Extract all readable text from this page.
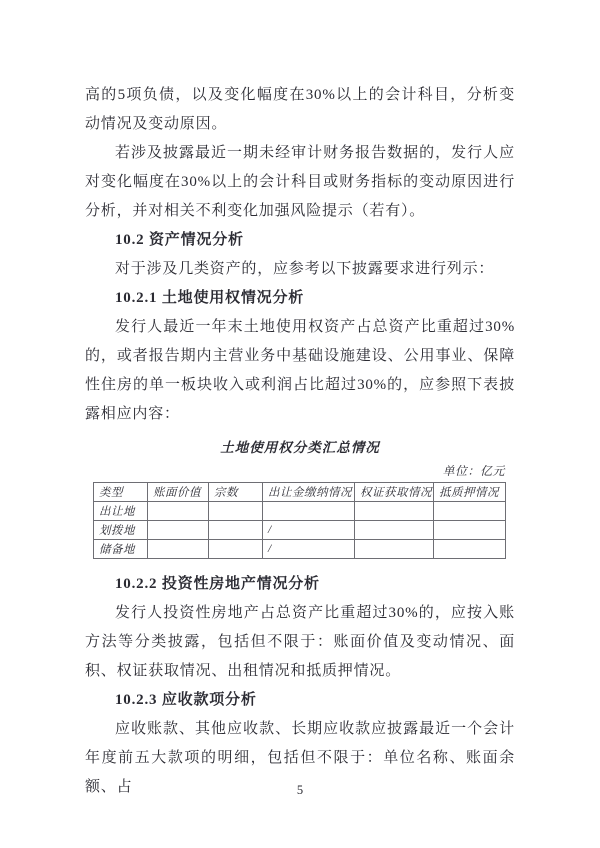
高的5项负债，以及变化幅度在30%以上的会计科目，分析变动情况及变动原因。

若涉及披露最近一期未经审计财务报告数据的，发行人应对变化幅度在30%以上的会计科目或财务指标的变动原因进行分析，并对相关不利变化加强风险提示（若有）。

10.2 资产情况分析

对于涉及几类资产的，应参考以下披露要求进行列示：

10.2.1 土地使用权情况分析

发行人最近一年末土地使用权资产占总资产比重超过30%的，或者报告期内主营业务中基础设施建设、公用事业、保障性住房的单一板块收入或利润占比超过30%的，应参照下表披露相应内容：

土地使用权分类汇总情况

单位：亿元

类型	账面价值	宗数	出让金缴纳情况	权证获取情况	抵质押情况
出让地					
划拨地			/		
储备地			/		

10.2.2 投资性房地产情况分析

发行人投资性房地产占总资产比重超过30%的，应按入账方法等分类披露，包括但不限于：账面价值及变动情况、面积、权证获取情况、出租情况和抵质押情况。

10.2.3 应收款项分析

应收账款、其他应收款、长期应收款应披露最近一个会计年度前五大款项的明细，包括但不限于：单位名称、账面余额、占	5
